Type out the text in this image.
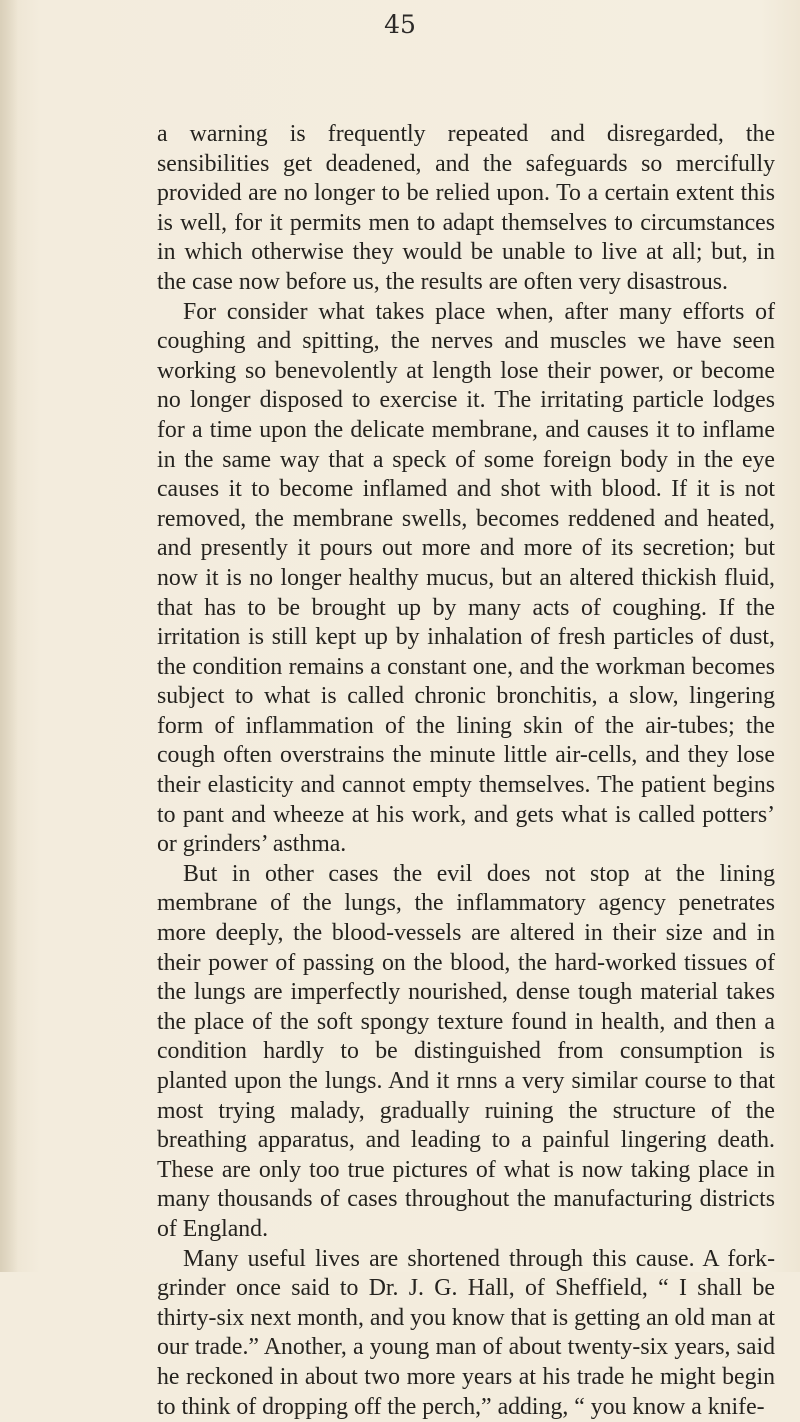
45

a warning is frequently repeated and disregarded, the sensibilities get deadened, and the safeguards so mercifully provided are no longer to be relied upon. To a certain extent this is well, for it permits men to adapt themselves to circumstances in which otherwise they would be unable to live at all; but, in the case now before us, the results are often very disastrous.

For consider what takes place when, after many efforts of coughing and spitting, the nerves and muscles we have seen working so benevolently at length lose their power, or become no longer disposed to exercise it. The irritating particle lodges for a time upon the delicate membrane, and causes it to inflame in the same way that a speck of some foreign body in the eye causes it to become inflamed and shot with blood. If it is not removed, the membrane swells, becomes reddened and heated, and presently it pours out more and more of its secretion; but now it is no longer healthy mucus, but an altered thickish fluid, that has to be brought up by many acts of coughing. If the irritation is still kept up by inhalation of fresh particles of dust, the condition remains a constant one, and the workman becomes subject to what is called chronic bronchitis, a slow, lingering form of inflammation of the lining skin of the air-tubes; the cough often overstrains the minute little air-cells, and they lose their elasticity and cannot empty themselves. The patient begins to pant and wheeze at his work, and gets what is called potters’ or grinders’ asthma.

But in other cases the evil does not stop at the lining membrane of the lungs, the inflammatory agency penetrates more deeply, the blood-vessels are altered in their size and in their power of passing on the blood, the hard-worked tissues of the lungs are imperfectly nourished, dense tough material takes the place of the soft spongy texture found in health, and then a condition hardly to be distinguished from consumption is planted upon the lungs. And it rnns a very similar course to that most trying malady, gradually ruining the structure of the breathing apparatus, and leading to a painful lingering death. These are only too true pictures of what is now taking place in many thousands of cases throughout the manufacturing districts of England.

Many useful lives are shortened through this cause. A fork-grinder once said to Dr. J. G. Hall, of Sheffield, “ I shall be thirty-six next month, and you know that is getting an old man at our trade.” Another, a young man of about twenty-six years, said he reckoned in about two more years at his trade he might begin to think of dropping off the perch,” adding, “ you know a knife-
